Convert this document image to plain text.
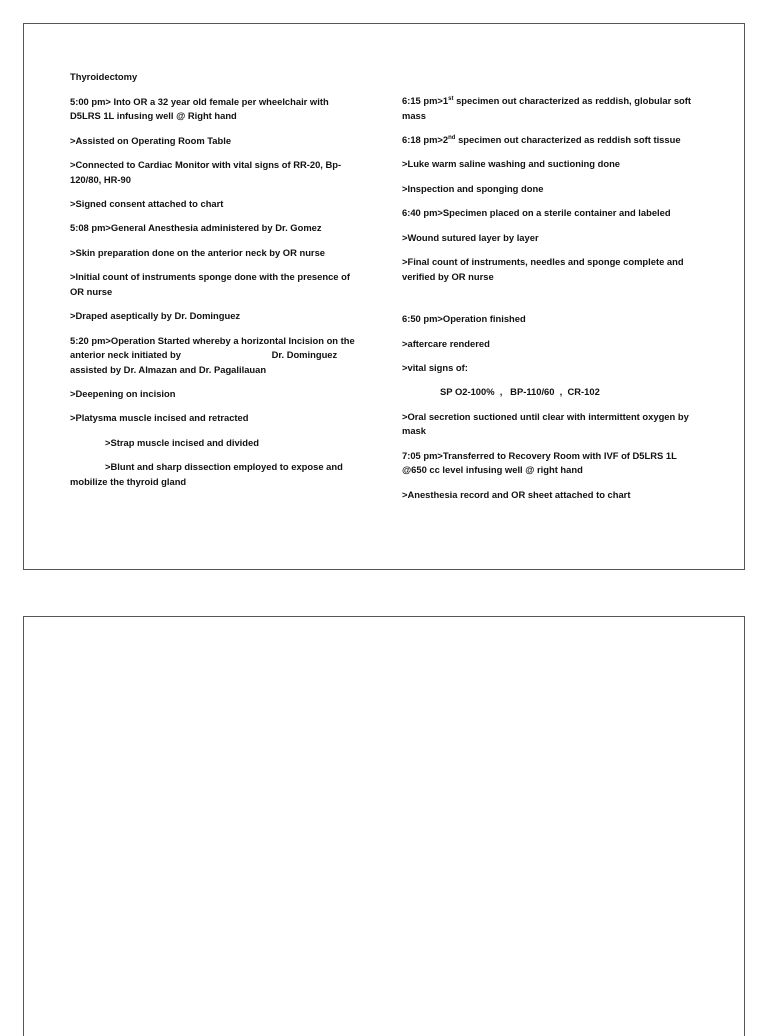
Thyroidectomy

5:00 pm> Into OR a 32 year old female per wheelchair with D5LRS 1L infusing well @ Right hand

>Assisted on Operating Room Table

>Connected to Cardiac Monitor with vital signs of RR-20, Bp-120/80, HR-90

>Signed consent attached to chart

5:08 pm>General Anesthesia administered by Dr. Gomez

>Skin preparation done on the anterior neck by OR nurse

>Initial count of instruments sponge done with the presence of OR nurse

>Draped aseptically by Dr. Dominguez

5:20 pm>Operation Started whereby a horizontal Incision on the anterior neck initiated by	Dr. Dominguez assisted by Dr. Almazan and Dr. Pagalilauan

>Deepening on incision

>Platysma muscle incised and retracted

>Strap muscle incised and divided

>Blunt and sharp dissection employed to expose and mobilize the thyroid gland

6:15 pm>1st specimen out characterized as reddish, globular soft mass

6:18 pm>2nd specimen out characterized as reddish soft tissue

>Luke warm saline washing and suctioning done

>Inspection and sponging done

6:40 pm>Specimen placed on a sterile container and labeled

>Wound sutured layer by layer

>Final count of instruments, needles and sponge complete and verified by OR nurse

6:50 pm>Operation finished

>aftercare rendered

>vital signs of:

SP O2-100%  ,   BP-110/60  ,  CR-102

>Oral secretion suctioned until clear with intermittent oxygen by mask

7:05 pm>Transferred to Recovery Room with IVF of D5LRS 1L @650 cc level infusing well @ right hand

>Anesthesia record and OR sheet attached to chart
